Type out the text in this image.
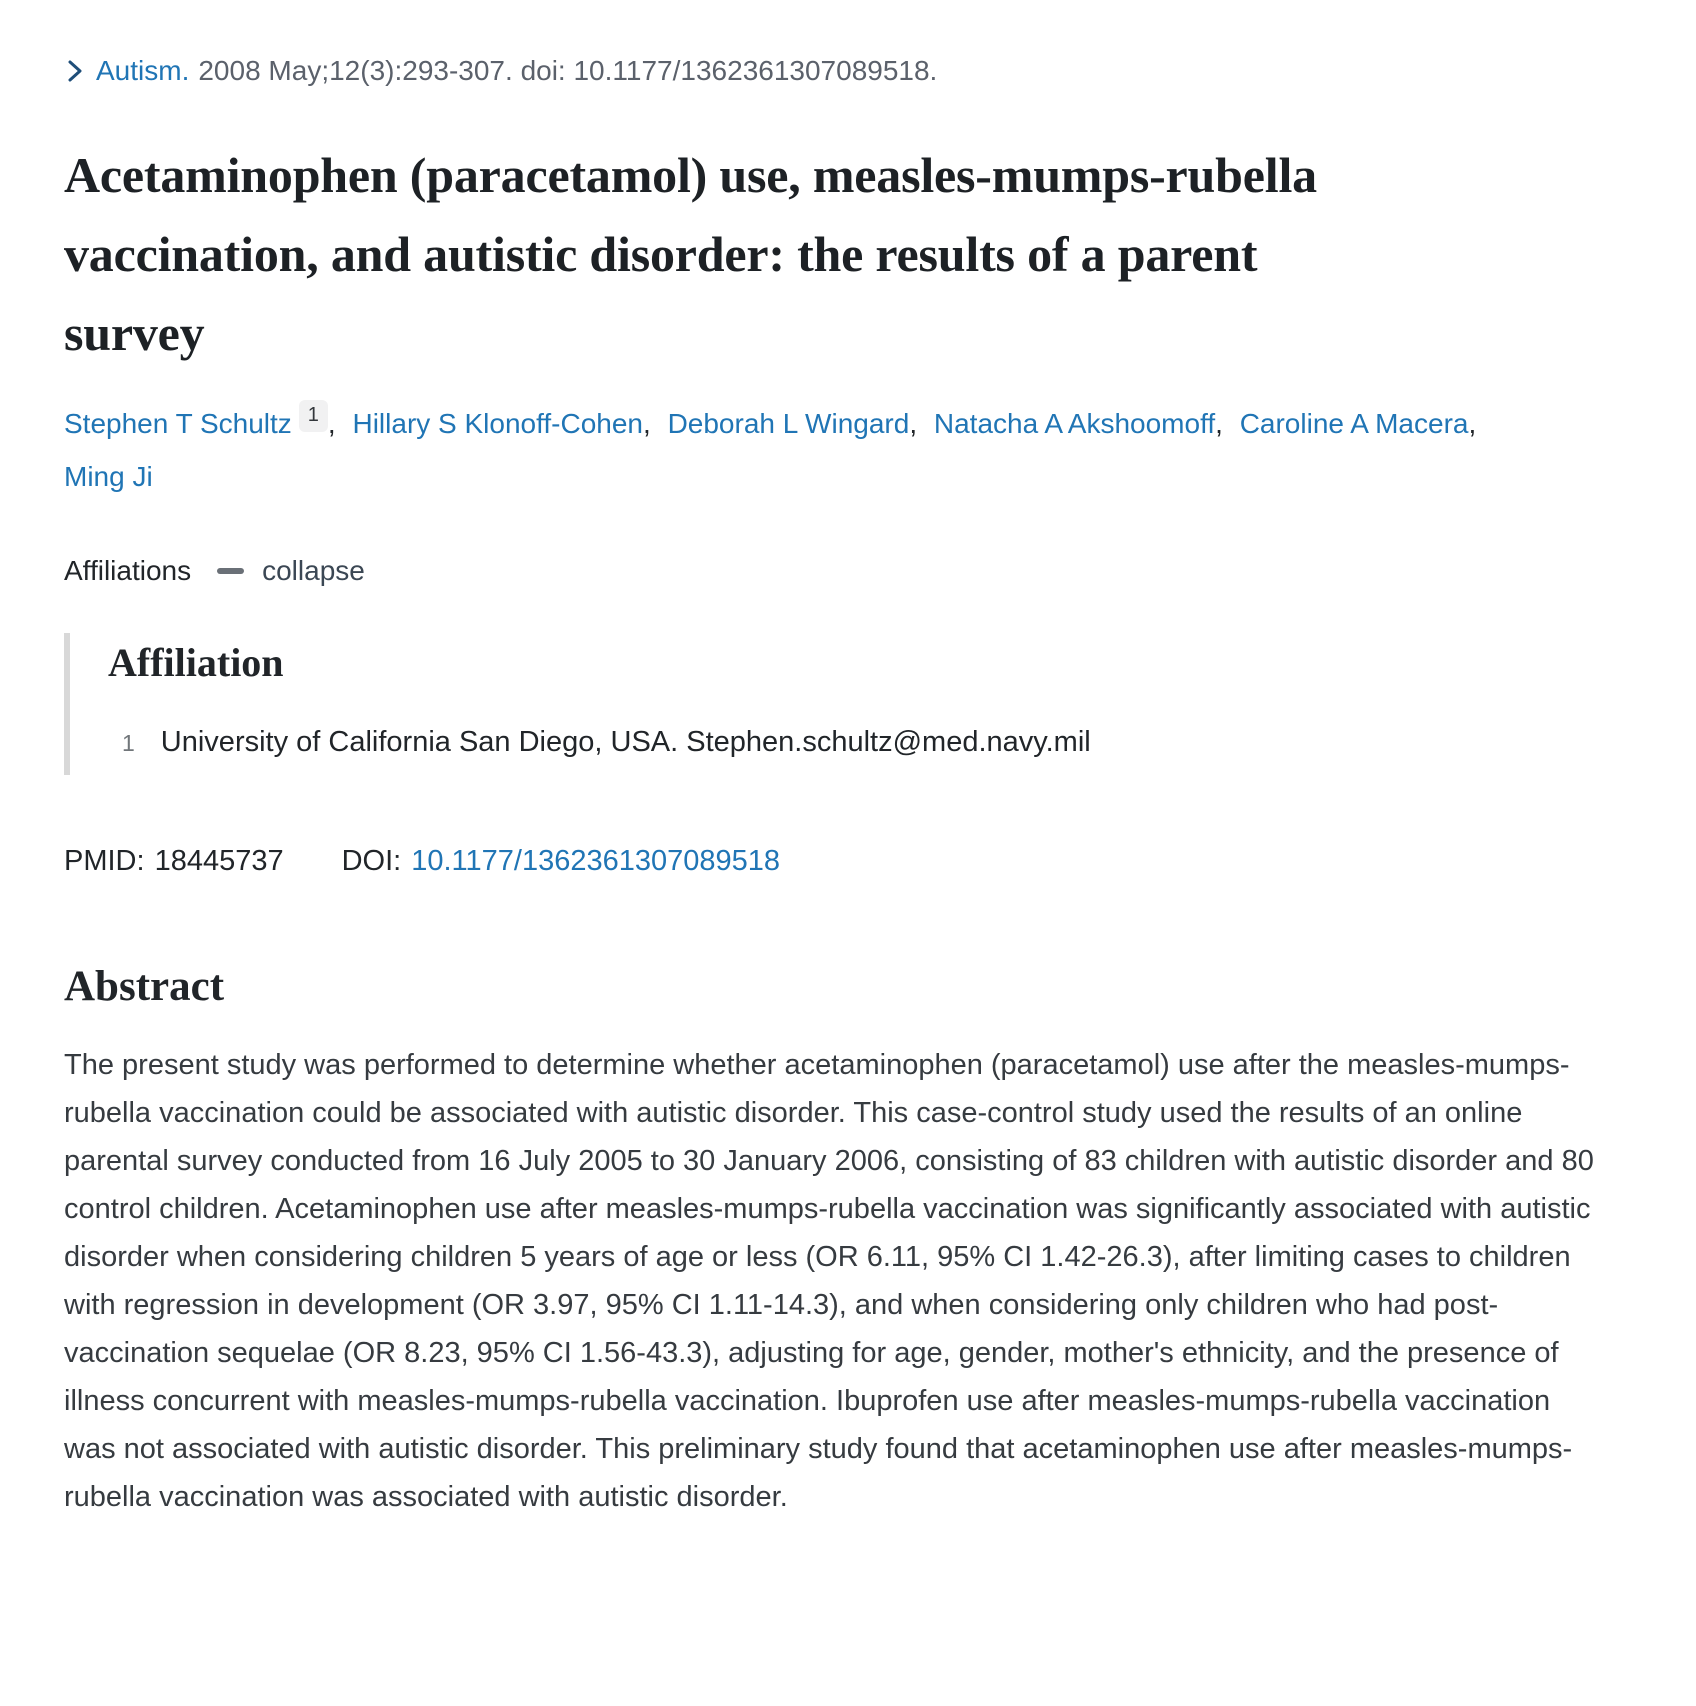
Autism. 2008 May;12(3):293-307. doi: 10.1177/1362361307089518.
Acetaminophen (paracetamol) use, measles-mumps-rubella vaccination, and autistic disorder: the results of a parent survey
Stephen T Schultz 1 , Hillary S Klonoff-Cohen, Deborah L Wingard, Natacha A Akshoomoff, Caroline A Macera, Ming Ji
Affiliations	collapse
Affiliation
1 University of California San Diego, USA. Stephen.schultz@med.navy.mil
PMID: 18445737 DOI: 10.1177/1362361307089518
Abstract

The present study was performed to determine whether acetaminophen (paracetamol) use after the measles-mumps-rubella vaccination could be associated with autistic disorder. This case-control study used the results of an online parental survey conducted from 16 July 2005 to 30 January 2006, consisting of 83 children with autistic disorder and 80 control children. Acetaminophen use after measles-mumps-rubella vaccination was significantly associated with autistic disorder when considering children 5 years of age or less (OR 6.11, 95% CI 1.42-26.3), after limiting cases to children with regression in development (OR 3.97, 95% CI 1.11-14.3), and when considering only children who had post-vaccination sequelae (OR 8.23, 95% CI 1.56-43.3), adjusting for age, gender, mother's ethnicity, and the presence of illness concurrent with measles-mumps-rubella vaccination. Ibuprofen use after measles-mumps-rubella vaccination was not associated with autistic disorder. This preliminary study found that acetaminophen use after measles-mumps-rubella vaccination was associated with autistic disorder.
